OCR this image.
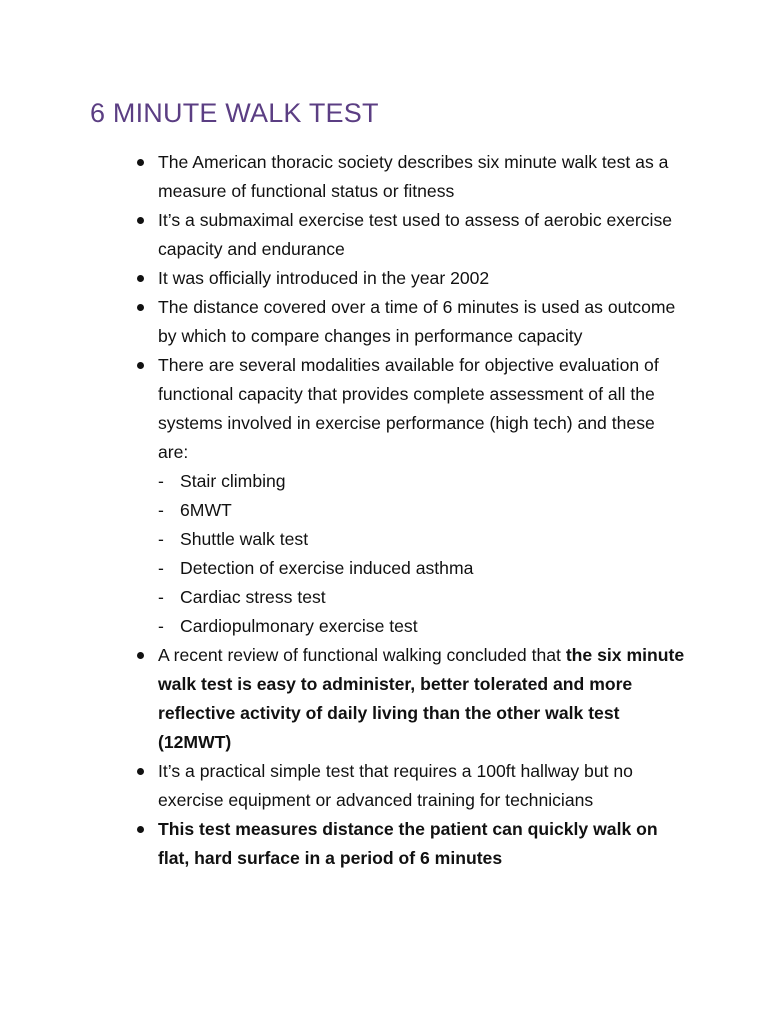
6 MINUTE WALK TEST
The American thoracic society describes six minute walk test as a measure of functional status or fitness
It’s a submaximal exercise test used to assess of aerobic exercise capacity and endurance
It was officially introduced in the year 2002
The distance covered over a time of 6 minutes is used as outcome by which to compare changes in performance capacity
There are several modalities available for objective evaluation of functional capacity that provides complete assessment of all the systems involved in exercise performance (high tech) and these are:
- Stair climbing
- 6MWT
- Shuttle walk test
- Detection of exercise induced asthma
- Cardiac stress test
- Cardiopulmonary exercise test
A recent review of functional walking concluded that the six minute walk test is easy to administer, better tolerated and more reflective activity of daily living than the other walk test (12MWT)
It’s a practical simple test that requires a 100ft hallway but no exercise equipment or advanced training for technicians
This test measures distance the patient can quickly walk on flat, hard surface in a period of 6 minutes
